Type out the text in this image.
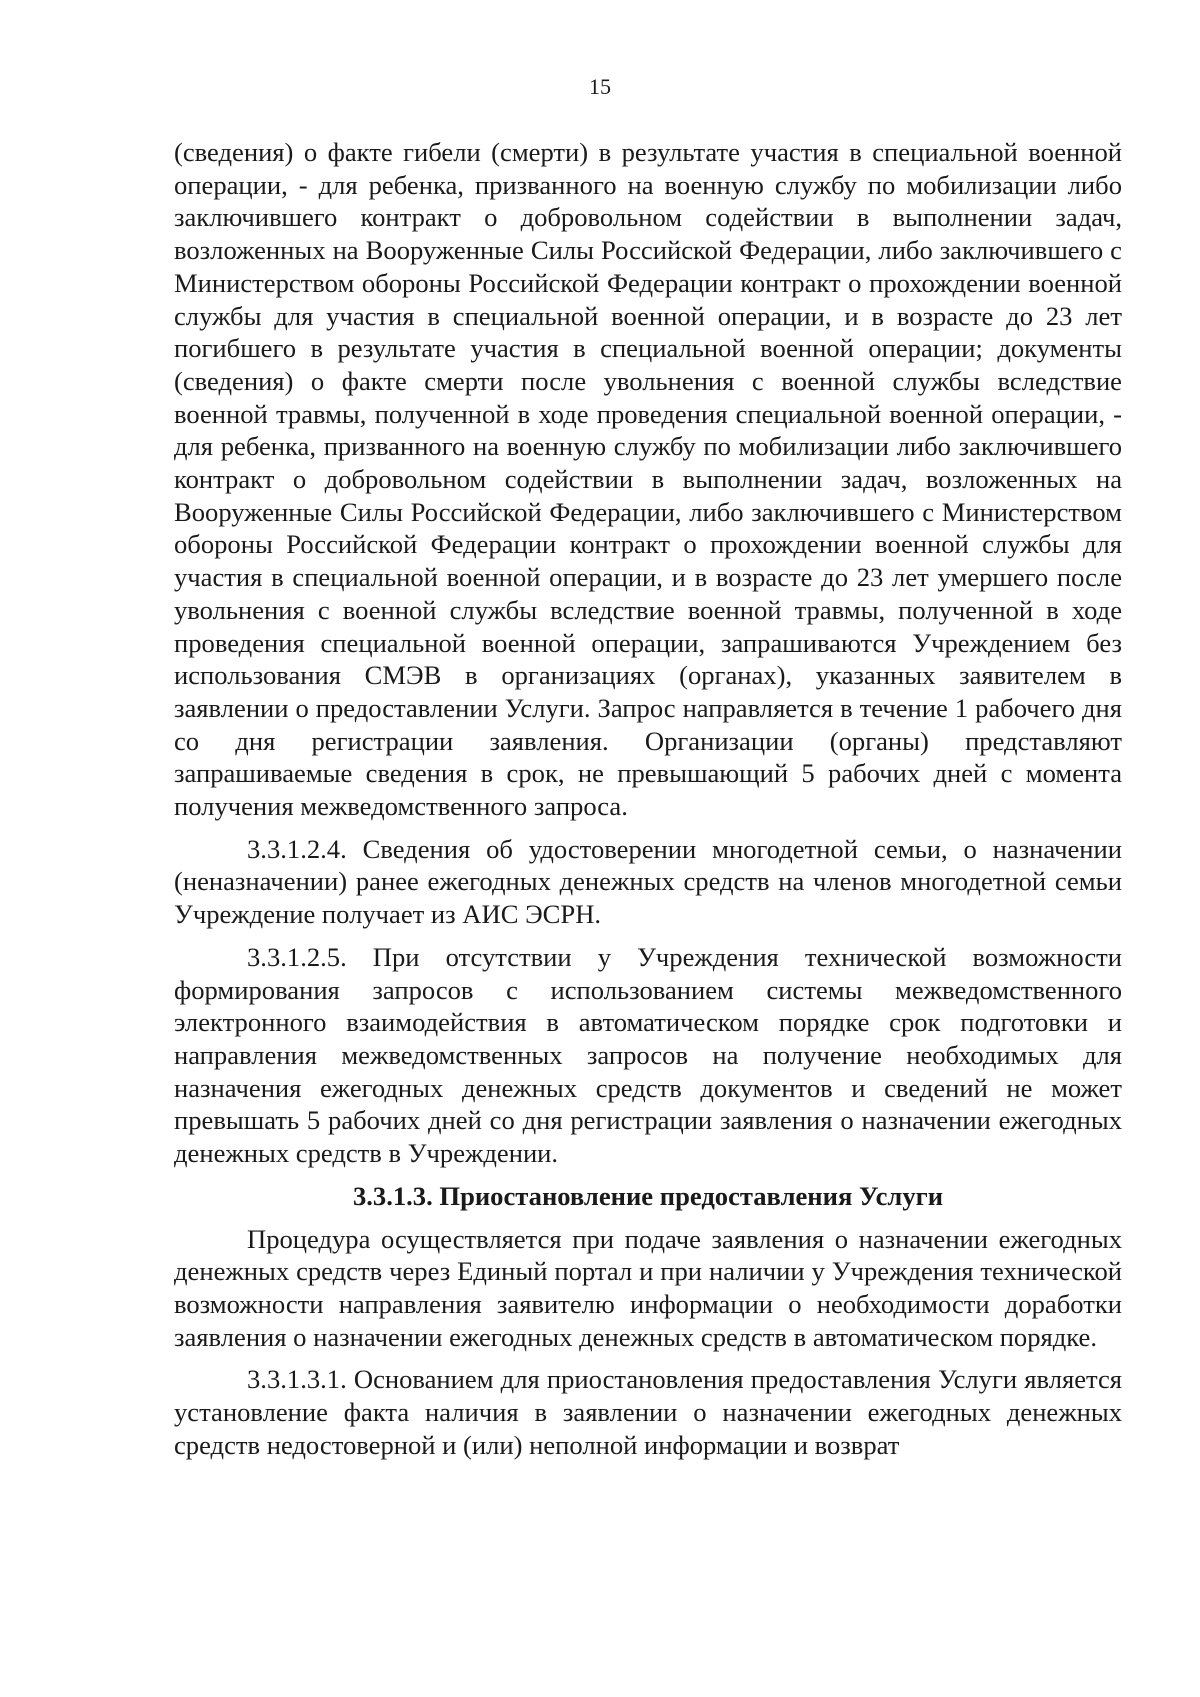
15

(сведения) о факте гибели (смерти) в результате участия в специальной военной операции, - для ребенка, призванного на военную службу по мобилизации либо заключившего контракт о добровольном содействии в выполнении задач, возложенных на Вооруженные Силы Российской Федерации, либо заключившего с Министерством обороны Российской Федерации контракт о прохождении военной службы для участия в специальной военной операции, и в возрасте до 23 лет погибшего в результате участия в специальной военной операции; документы (сведения) о факте смерти после увольнения с военной службы вследствие военной травмы, полученной в ходе проведения специальной военной операции, - для ребенка, призванного на военную службу по мобилизации либо заключившего контракт о добровольном содействии в выполнении задач, возложенных на Вооруженные Силы Российской Федерации, либо заключившего с Министерством обороны Российской Федерации контракт о прохождении военной службы для участия в специальной военной операции, и в возрасте до 23 лет умершего после увольнения с военной службы вследствие военной травмы, полученной в ходе проведения специальной военной операции, запрашиваются Учреждением без использования СМЭВ в организациях (органах), указанных заявителем в заявлении о предоставлении Услуги. Запрос направляется в течение 1 рабочего дня со дня регистрации заявления. Организации (органы) представляют запрашиваемые сведения в срок, не превышающий 5 рабочих дней с момента получения межведомственного запроса.

3.3.1.2.4. Сведения об удостоверении многодетной семьи, о назначении (неназначении) ранее ежегодных денежных средств на членов многодетной семьи Учреждение получает из АИС ЭСРН.

3.3.1.2.5. При отсутствии у Учреждения технической возможности формирования запросов с использованием системы межведомственного электронного взаимодействия в автоматическом порядке срок подготовки и направления межведомственных запросов на получение необходимых для назначения ежегодных денежных средств документов и сведений не может превышать 5 рабочих дней со дня регистрации заявления о назначении ежегодных денежных средств в Учреждении.

3.3.1.3. Приостановление предоставления Услуги

Процедура осуществляется при подаче заявления о назначении ежегодных денежных средств через Единый портал и при наличии у Учреждения технической возможности направления заявителю информации о необходимости доработки заявления о назначении ежегодных денежных средств в автоматическом порядке.

3.3.1.3.1. Основанием для приостановления предоставления Услуги является установление факта наличия в заявлении о назначении ежегодных денежных средств недостоверной и (или) неполной информации и возврат
